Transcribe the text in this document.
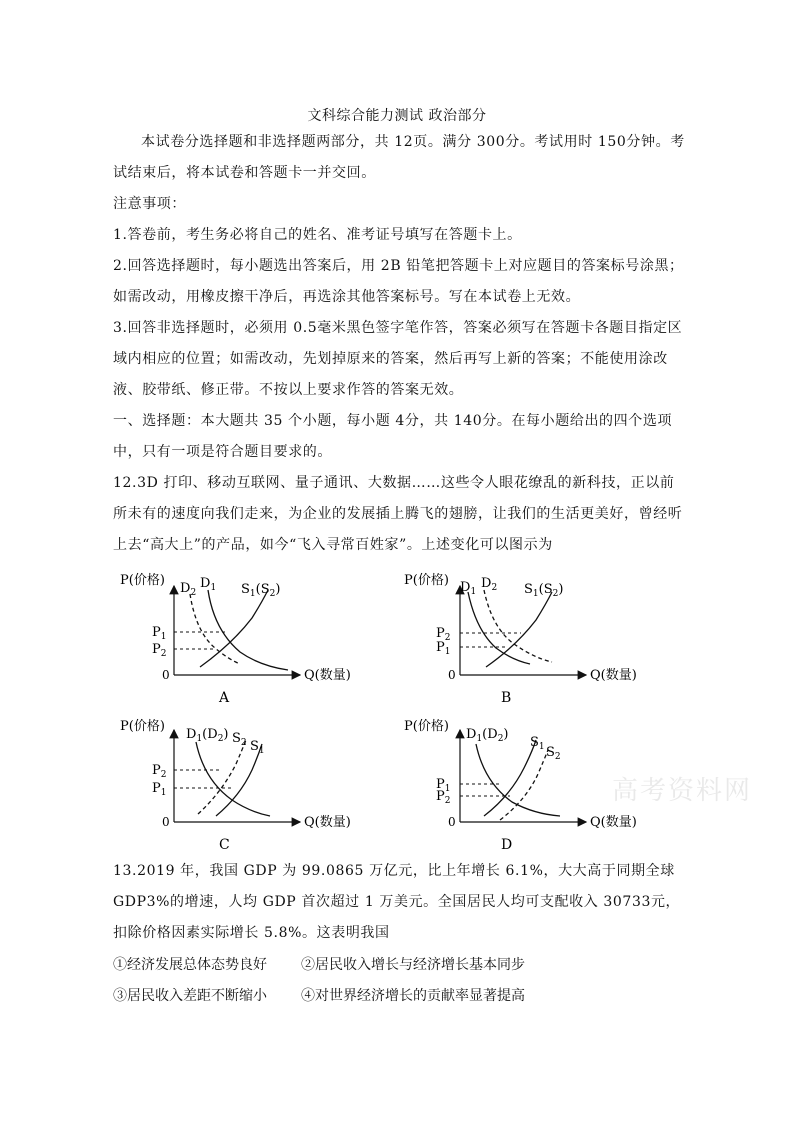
文科综合能力测试 政治部分
本试卷分选择题和非选择题两部分，共 12页。满分 300分。考试用时 150分钟。考试结束后，将本试卷和答题卡一并交回。
注意事项：
1.答卷前，考生务必将自己的姓名、准考证号填写在答题卡上。
2.回答选择题时，每小题选出答案后，用 2B 铅笔把答题卡上对应题目的答案标号涂黑；如需改动，用橡皮擦干净后，再选涂其他答案标号。写在本试卷上无效。
3.回答非选择题时，必须用 0.5毫米黑色签字笔作答，答案必须写在答题卡各题目指定区域内相应的位置；如需改动，先划掉原来的答案，然后再写上新的答案；不能使用涂改液、胶带纸、修正带。不按以上要求作答的答案无效。
一、选择题：本大题共 35 个小题，每小题 4分，共 140分。在每小题给出的四个选项中，只有一项是符合题目要求的。
12.3D 打印、移动互联网、量子通讯、大数据……这些令人眼花缭乱的新科技，正以前所未有的速度向我们走来，为企业的发展插上腾飞的翅膀，让我们的生活更美好，曾经听上去“高大上”的产品，如今“飞入寻常百姓家”。上述变化可以图示为
P(价格)
Q(数量)
0
$P_1$
$P_2$
$D_2$
$D_1$ $S_1(S_2)$
A
P(价格)
Q(数量)
0
$P_2$
$P_1$
$D_1$
$D_2$ $S_1(S_2)$
B
P(价格)
Q(数量)
0
$P_2$
$P_1$
$D_1(D_2)$ $S_2$ $S_1$
C
P(价格)
Q(数量)
0
$P_1$
$P_2$
$D_1(D_2)$
$S_1$ $S_2$
D
高考资料网
13.2019 年，我国 GDP 为 99.0865 万亿元，比上年增长 6.1%，大大高于同期全球 GDP3%的增速，人均 GDP 首次超过 1 万美元。全国居民人均可支配收入 30733元，扣除价格因素实际增长 5.8%。这表明我国
①经济发展总体态势良好 ②居民收入增长与经济增长基本同步
③居民收入差距不断缩小 ④对世界经济增长的贡献率显著提高
